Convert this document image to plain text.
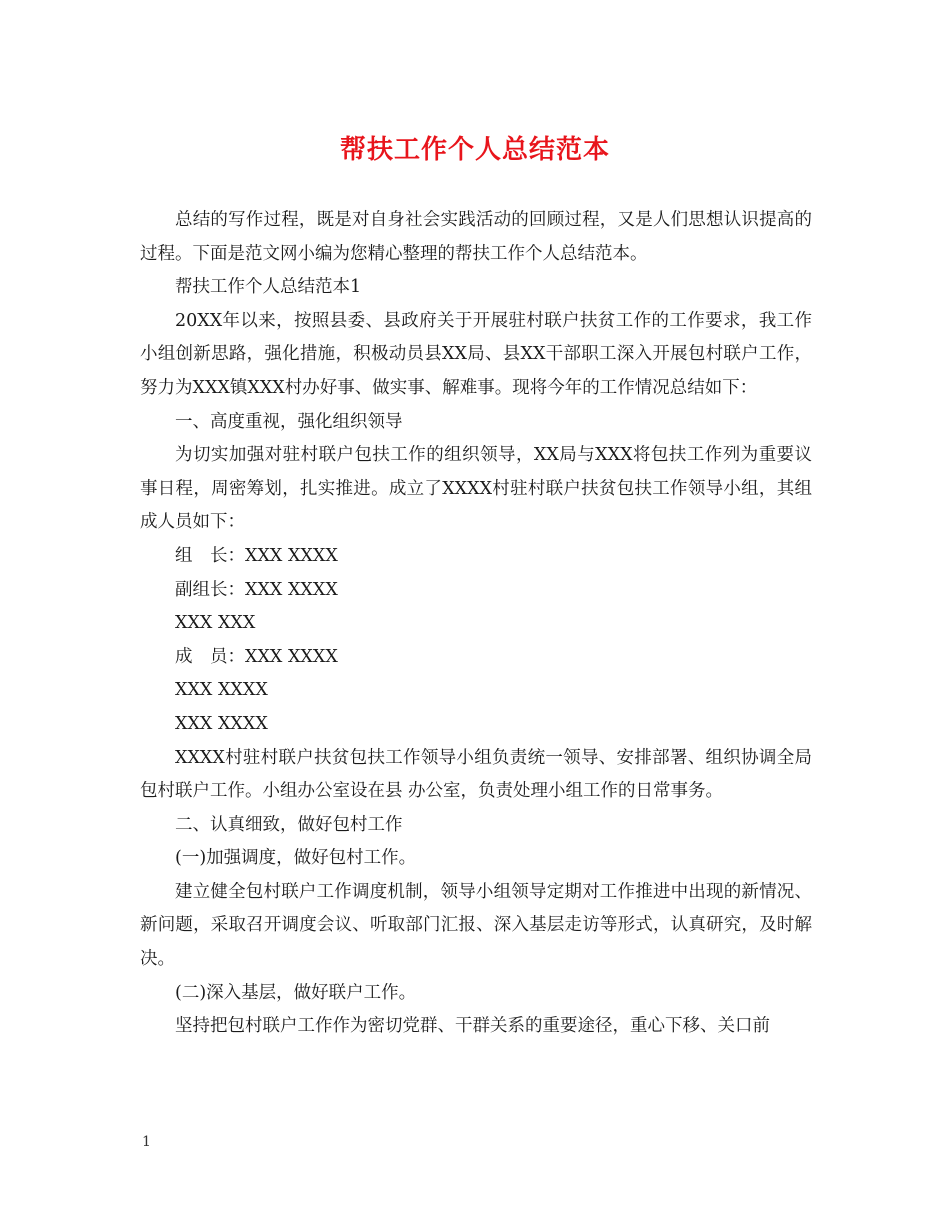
帮扶工作个人总结范本

总结的写作过程，既是对自身社会实践活动的回顾过程，又是人们思想认识提高的过程。下面是范文网小编为您精心整理的帮扶工作个人总结范本。

帮扶工作个人总结范本1

20XX年以来，按照县委、县政府关于开展驻村联户扶贫工作的工作要求，我工作小组创新思路，强化措施，积极动员县XX局、县XX干部职工深入开展包村联户工作，努力为XXX镇XXX村办好事、做实事、解难事。现将今年的工作情况总结如下：

一、高度重视，强化组织领导

为切实加强对驻村联户包扶工作的组织领导，XX局与XXX将包扶工作列为重要议事日程，周密筹划，扎实推进。成立了XXXX村驻村联户扶贫包扶工作领导小组，其组成人员如下：

组　长：XXX XXXX

副组长：XXX XXXX

XXX XXX

成　员：XXX XXXX

XXX XXXX

XXX XXXX

XXXX村驻村联户扶贫包扶工作领导小组负责统一领导、安排部署、组织协调全局包村联户工作。小组办公室设在县 办公室，负责处理小组工作的日常事务。

二、认真细致，做好包村工作

(一)加强调度，做好包村工作。

建立健全包村联户工作调度机制，领导小组领导定期对工作推进中出现的新情况、新问题，采取召开调度会议、听取部门汇报、深入基层走访等形式，认真研究，及时解决。

(二)深入基层，做好联户工作。

坚持把包村联户工作作为密切党群、干群关系的重要途径，重心下移、关口前

1
